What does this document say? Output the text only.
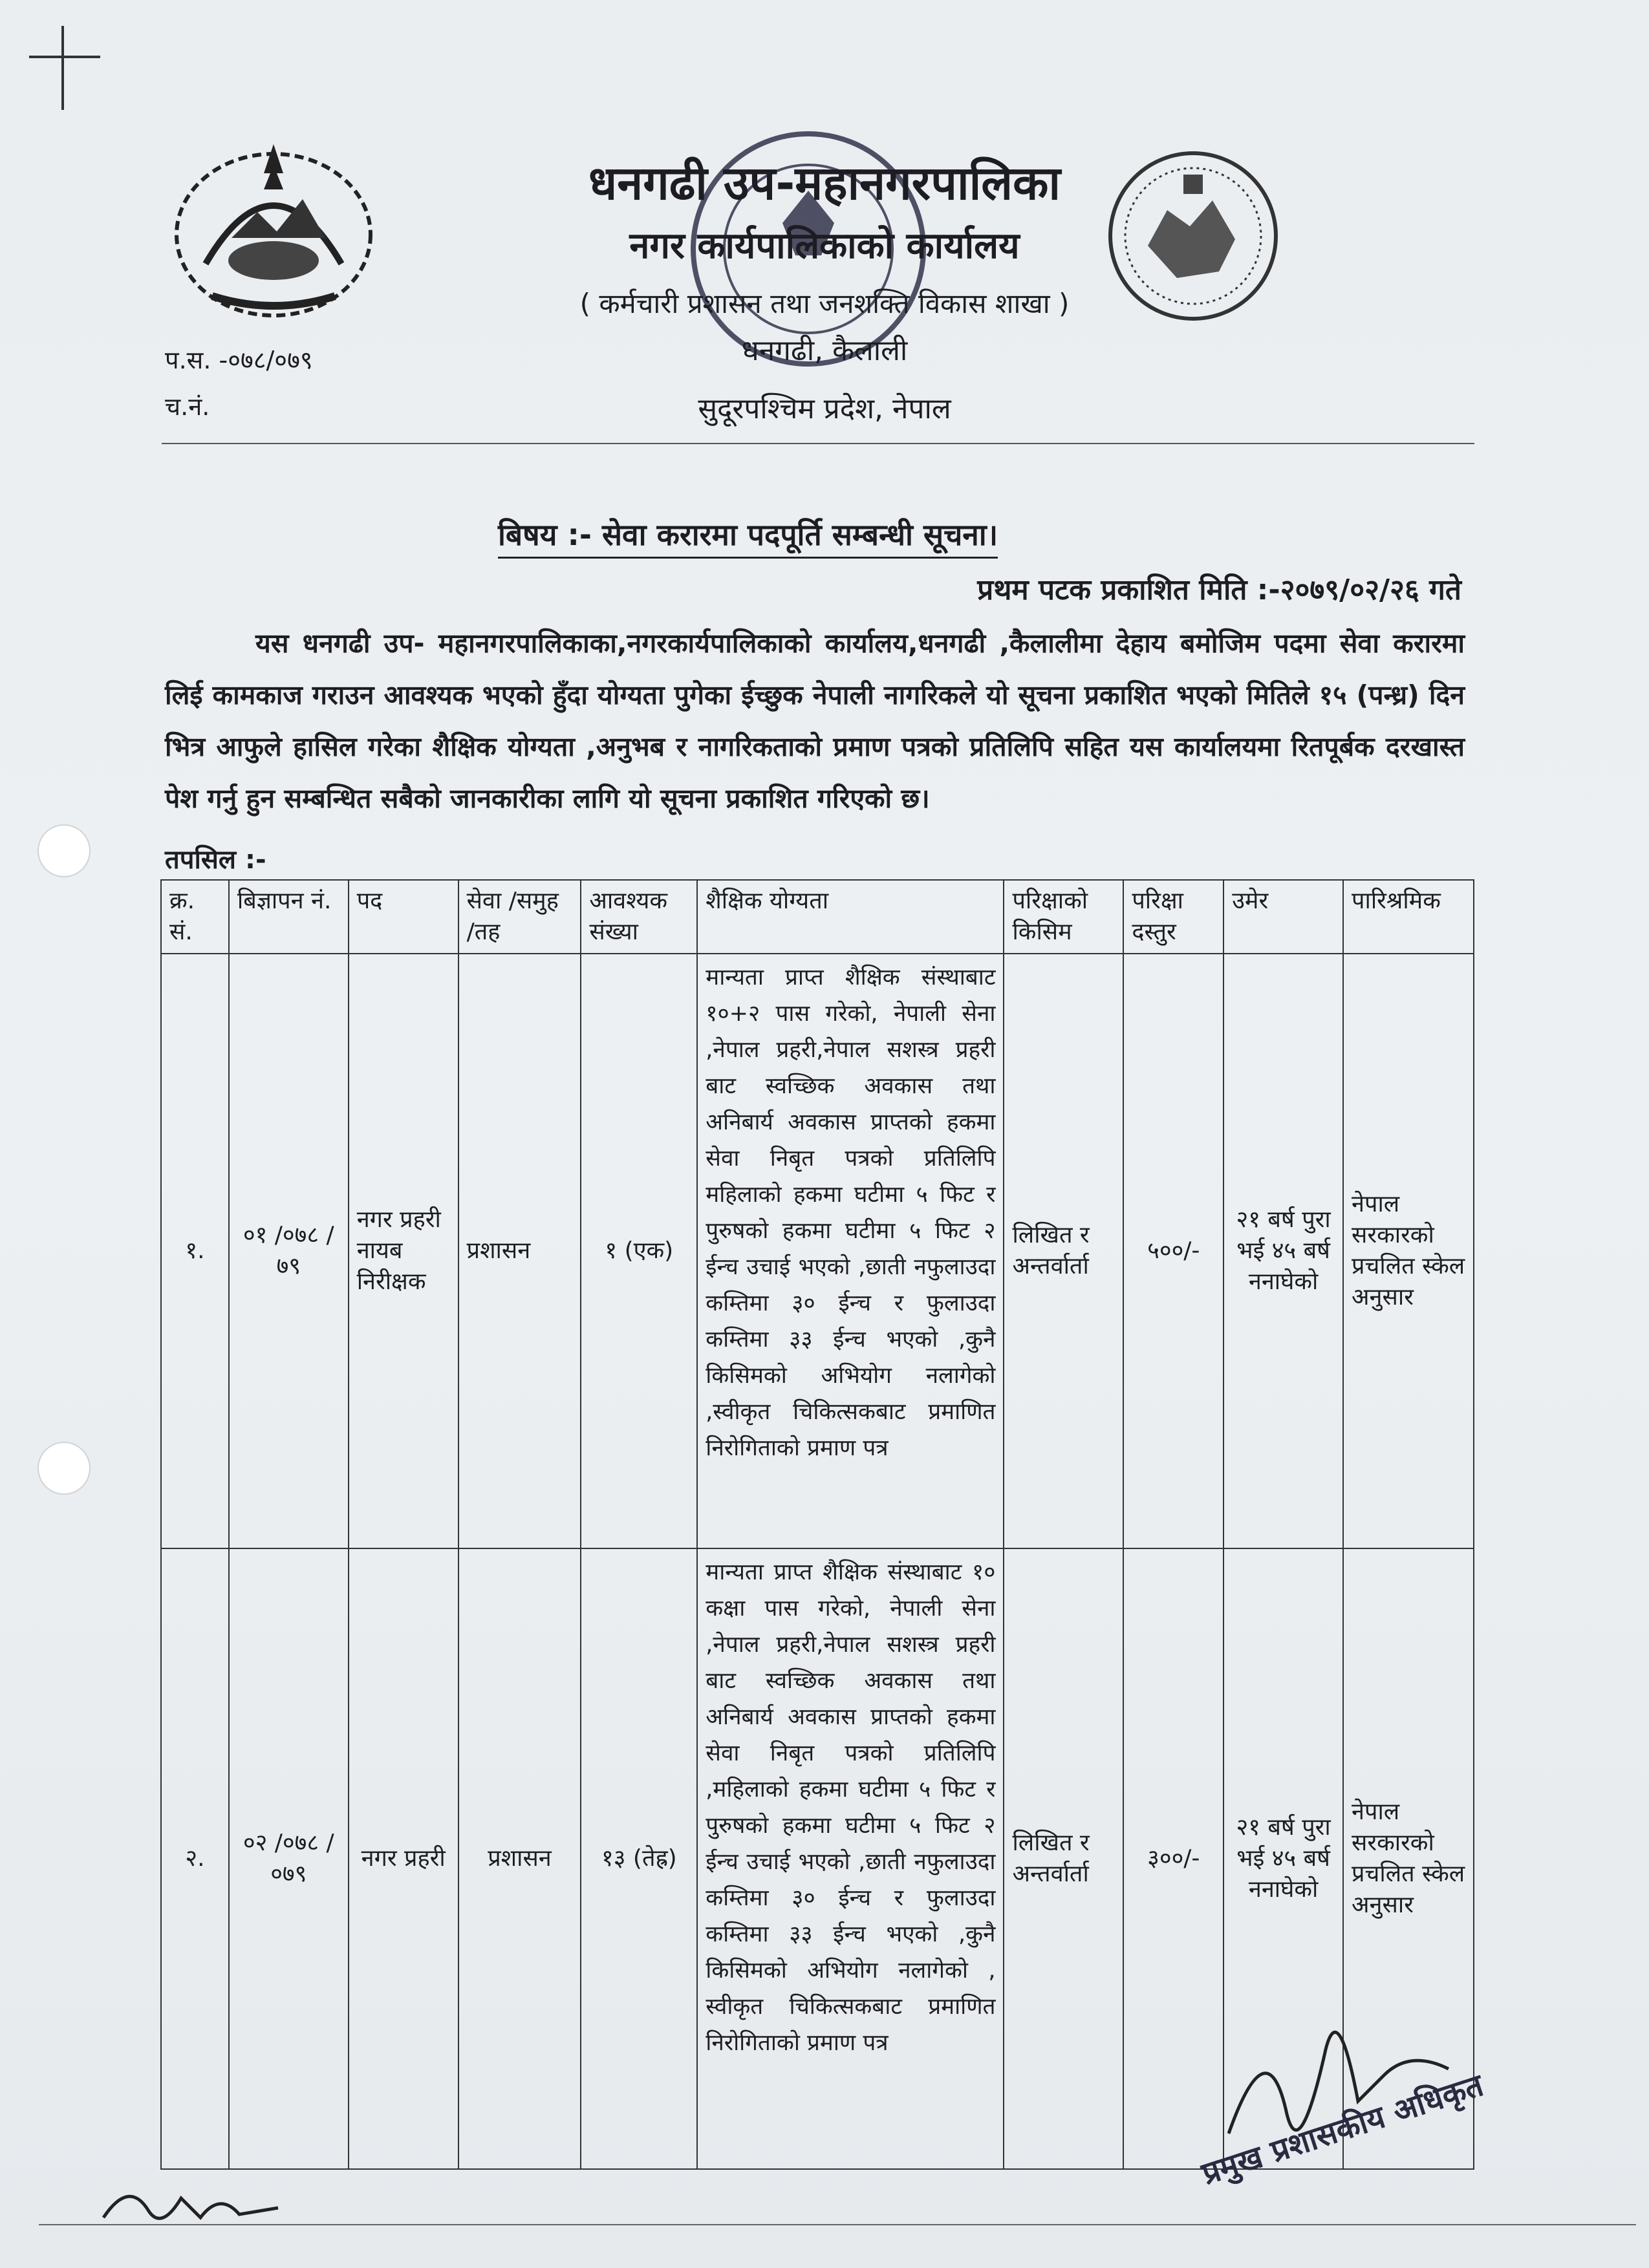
धनगढी उप-महानगरपालिका
नगर कार्यपालिकाको कार्यालय
( कर्मचारी प्रशासन तथा जनशक्ति विकास शाखा )
धनगढी, कैलाली
सुदूरपश्चिम प्रदेश, नेपाल
प.स. -०७८/०७९
च.नं.
बिषय :- सेवा करारमा पदपूर्ति सम्बन्धी सूचना।
प्रथम पटक प्रकाशित मिति :-२०७९/०२/२६ गते
यस धनगढी उप- महानगरपालिकाका,नगरकार्यपालिकाको कार्यालय,धनगढी ,कैलालीमा देहाय बमोजिम पदमा सेवा करारमा लिई कामकाज गराउन आवश्यक भएको हुँदा योग्यता पुगेका ईच्छुक नेपाली नागरिकले यो सूचना प्रकाशित भएको मितिले १५ (पन्ध्र) दिन भित्र आफुले हासिल गरेका शैक्षिक योग्यता ,अनुभब र नागरिकताको प्रमाण पत्रको प्रतिलिपि सहित यस कार्यालयमा रितपूर्बक दरखास्त पेश गर्नु हुन सम्बन्धित सबैको जानकारीका लागि यो सूचना प्रकाशित गरिएको छ।
तपसिल :-
क्र. सं.	बिज्ञापन नं.	पद	सेवा /समुह /तह	आवश्यक संख्या	शैक्षिक योग्यता	परिक्षाको किसिम	परिक्षा दस्तुर	उमेर	पारिश्रमिक
१.	०१ /०७८ /७९	नगर प्रहरी नायब निरीक्षक	प्रशासन	१ (एक)	मान्यता प्राप्त शैक्षिक संस्थाबाट १०+२ पास गरेको, नेपाली सेना ,नेपाल प्रहरी,नेपाल सशस्त्र प्रहरी बाट स्वच्छिक अवकास तथा अनिबार्य अवकास प्राप्तको हकमा सेवा निबृत पत्रको प्रतिलिपि महिलाको हकमा घटीमा ५ फिट र पुरुषको हकमा घटीमा ५ फिट २ ईन्च उचाई भएको ,छाती नफुलाउदा कम्तिमा ३० ईन्च र फुलाउदा कम्तिमा ३३ ईन्च भएको ,कुनै किसिमको अभियोग नलागेको ,स्वीकृत चिकित्सकबाट प्रमाणित निरोगिताको प्रमाण पत्र	लिखित र अन्तर्वार्ता	५००/-	२१ बर्ष पुरा भई ४५ बर्ष ननाघेको	नेपाल सरकारको प्रचलित स्केल अनुसार
२.	०२ /०७८ /०७९	नगर प्रहरी	प्रशासन	१३ (तेह्र)	मान्यता प्राप्त शैक्षिक संस्थाबाट १० कक्षा पास गरेको, नेपाली सेना ,नेपाल प्रहरी,नेपाल सशस्त्र प्रहरी बाट स्वच्छिक अवकास तथा अनिबार्य अवकास प्राप्तको हकमा सेवा निबृत पत्रको प्रतिलिपि ,महिलाको हकमा घटीमा ५ फिट र पुरुषको हकमा घटीमा ५ फिट २ ईन्च उचाई भएको ,छाती नफुलाउदा कम्तिमा ३० ईन्च र फुलाउदा कम्तिमा ३३ ईन्च भएको ,कुनै किसिमको अभियोग नलागेको , स्वीकृत चिकित्सकबाट प्रमाणित निरोगिताको प्रमाण पत्र	लिखित र अन्तर्वार्ता	३००/-	२१ बर्ष पुरा भई ४५ बर्ष ननाघेको	नेपाल सरकारको प्रचलित स्केल अनुसार
प्रमुख प्रशासकीय अधिकृत
